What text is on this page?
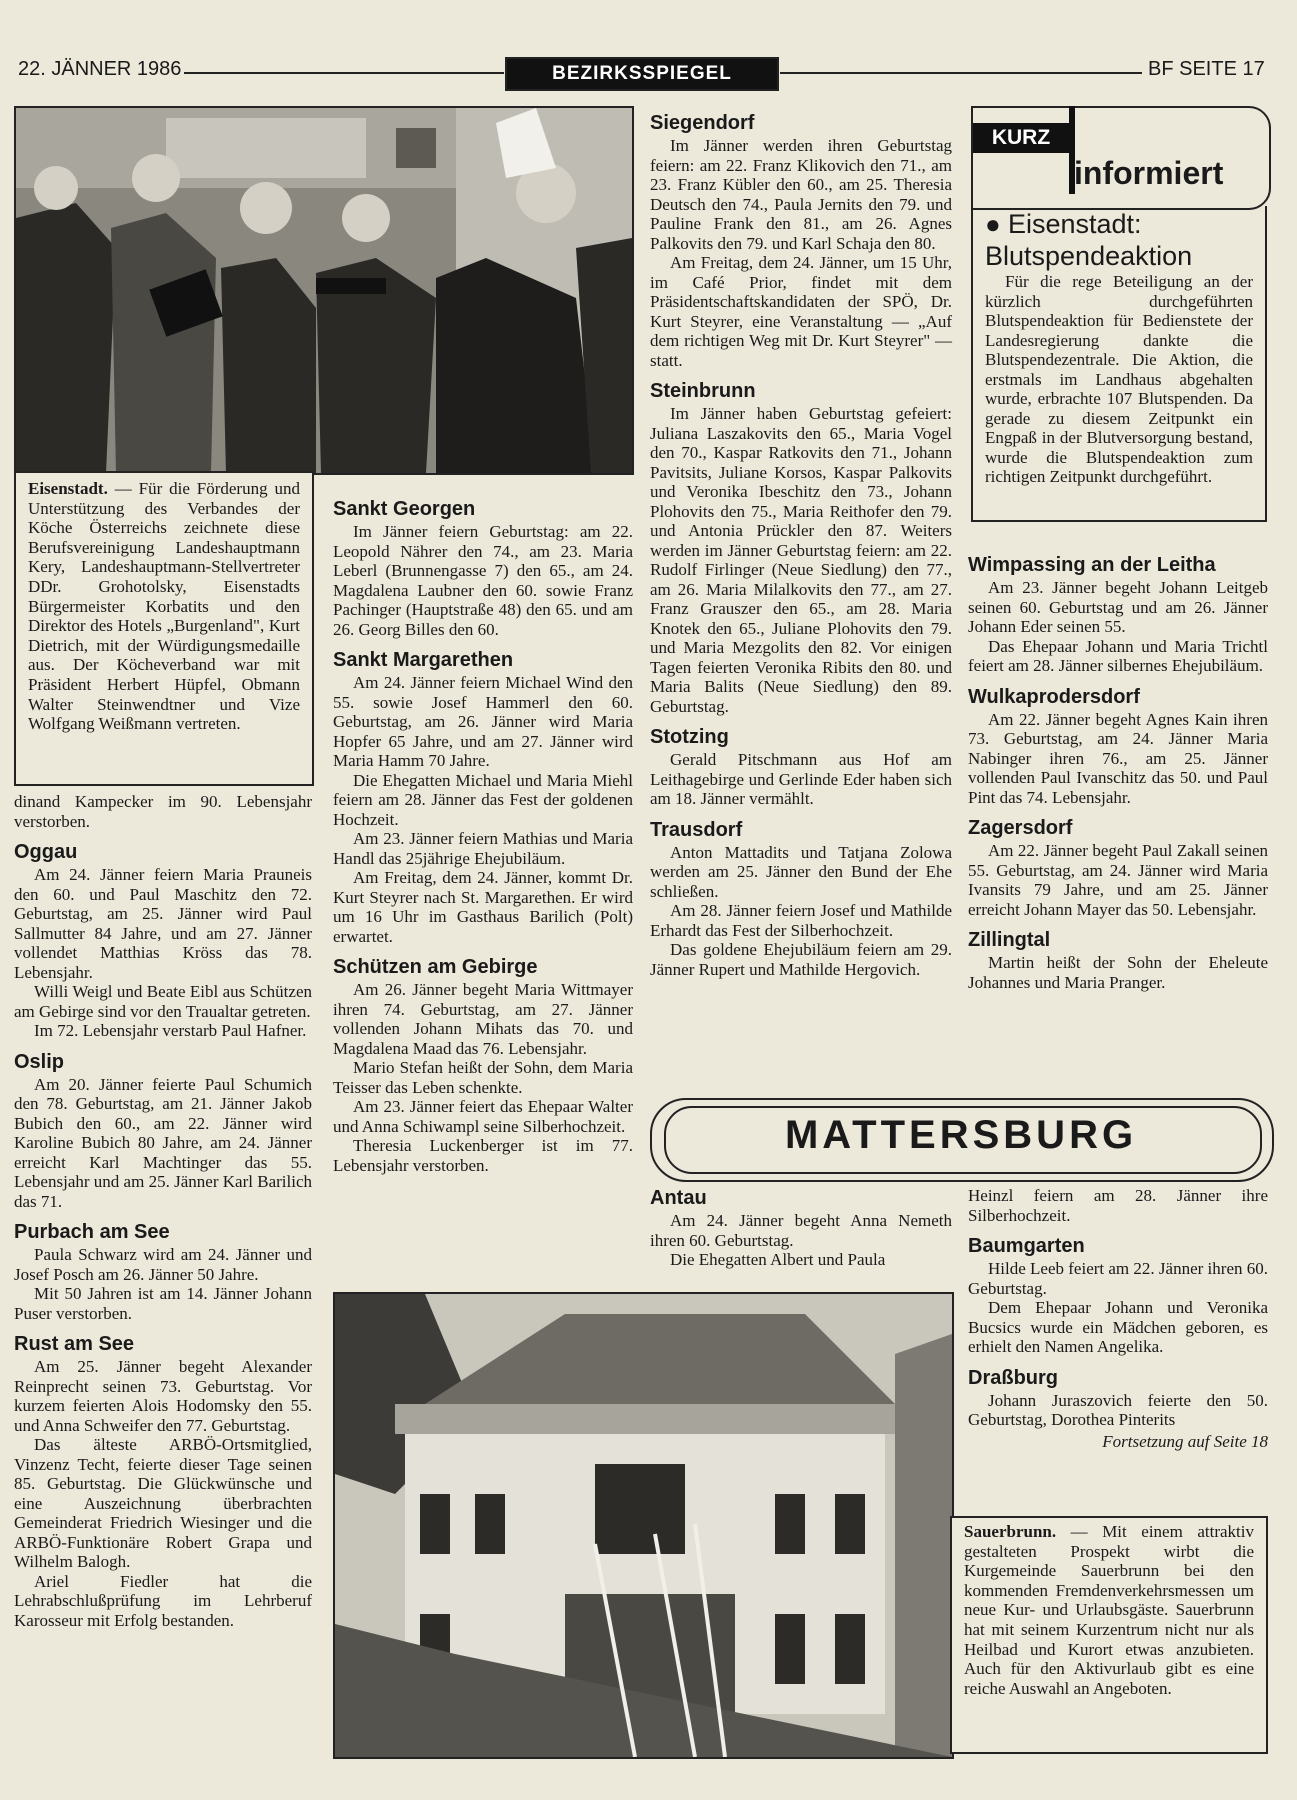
22. JÄNNER 1986	BEZIRKSSPIEGEL	BF SEITE 17
Eisenstadt. — Für die Förderung und Unterstützung des Verbandes der Köche Österreichs zeichnete diese Berufsvereinigung Landeshauptmann Kery, Landeshauptmann-Stellvertreter DDr. Grohotolsky, Eisenstadts Bürgermeister Korbatits und den Direktor des Hotels „Burgenland", Kurt Dietrich, mit der Würdigungsmedaille aus. Der Köcheverband war mit Präsident Herbert Hüpfel, Obmann Walter Steinwendtner und Vize Wolfgang Weißmann vertreten.
dinand Kampecker im 90. Lebensjahr verstorben.
Oggau

Am 24. Jänner feiern Maria Prauneis den 60. und Paul Maschitz den 72. Geburtstag, am 25. Jänner wird Paul Sallmutter 84 Jahre, und am 27. Jänner vollendet Matthias Kröss das 78. Lebensjahr.

Willi Weigl und Beate Eibl aus Schützen am Gebirge sind vor den Traualtar getreten.

Im 72. Lebensjahr verstarb Paul Hafner.

Oslip

Am 20. Jänner feierte Paul Schumich den 78. Geburtstag, am 21. Jänner Jakob Bubich den 60., am 22. Jänner wird Karoline Bubich 80 Jahre, am 24. Jänner erreicht Karl Machtinger das 55. Lebensjahr und am 25. Jänner Karl Barilich das 71.

Purbach am See

Paula Schwarz wird am 24. Jänner und Josef Posch am 26. Jänner 50 Jahre.

Mit 50 Jahren ist am 14. Jänner Johann Puser verstorben.

Rust am See

Am 25. Jänner begeht Alexander Reinprecht seinen 73. Geburtstag. Vor kurzem feierten Alois Hodomsky den 55. und Anna Schweifer den 77. Geburtstag.

Das älteste ARBÖ-Ortsmitglied, Vinzenz Techt, feierte dieser Tage seinen 85. Geburtstag. Die Glückwünsche und eine Auszeichnung überbrachten Gemeinderat Friedrich Wiesinger und die ARBÖ-Funktionäre Robert Grapa und Wilhelm Balogh.

Ariel Fiedler hat die Lehrabschlußprüfung im Lehrberuf Karosseur mit Erfolg bestanden.

Sankt Georgen

Im Jänner feiern Geburtstag: am 22. Leopold Nährer den 74., am 23. Maria Leberl (Brunnengasse 7) den 65., am 24. Magdalena Laubner den 60. sowie Franz Pachinger (Hauptstraße 48) den 65. und am 26. Georg Billes den 60.

Sankt Margarethen

Am 24. Jänner feiern Michael Wind den 55. sowie Josef Hammerl den 60. Geburtstag, am 26. Jänner wird Maria Hopfer 65 Jahre, und am 27. Jänner wird Maria Hamm 70 Jahre.

Die Ehegatten Michael und Maria Miehl feiern am 28. Jänner das Fest der goldenen Hochzeit.

Am 23. Jänner feiern Mathias und Maria Handl das 25jährige Ehejubiläum.

Am Freitag, dem 24. Jänner, kommt Dr. Kurt Steyrer nach St. Margarethen. Er wird um 16 Uhr im Gasthaus Barilich (Polt) erwartet.

Schützen am Gebirge

Am 26. Jänner begeht Maria Wittmayer ihren 74. Geburtstag, am 27. Jänner vollenden Johann Mihats das 70. und Magdalena Maad das 76. Lebensjahr.

Mario Stefan heißt der Sohn, dem Maria Teisser das Leben schenkte.

Am 23. Jänner feiert das Ehepaar Walter und Anna Schiwampl seine Silberhochzeit.

Theresia Luckenberger ist im 77. Lebensjahr verstorben.

Siegendorf

Im Jänner werden ihren Geburtstag feiern: am 22. Franz Klikovich den 71., am 23. Franz Kübler den 60., am 25. Theresia Deutsch den 74., Paula Jernits den 79. und Pauline Frank den 81., am 26. Agnes Palkovits den 79. und Karl Schaja den 80.

Am Freitag, dem 24. Jänner, um 15 Uhr, im Café Prior, findet mit dem Präsidentschaftskandidaten der SPÖ, Dr. Kurt Steyrer, eine Veranstaltung — „Auf dem richtigen Weg mit Dr. Kurt Steyrer" — statt.

Steinbrunn

Im Jänner haben Geburtstag gefeiert: Juliana Laszakovits den 65., Maria Vogel den 70., Kaspar Ratkovits den 71., Johann Pavitsits, Juliane Korsos, Kaspar Palkovits und Veronika Ibeschitz den 73., Johann Plohovits den 75., Maria Reithofer den 79. und Antonia Prückler den 87. Weiters werden im Jänner Geburtstag feiern: am 22. Rudolf Firlinger (Neue Siedlung) den 77., am 26. Maria Milalkovits den 77., am 27. Franz Grauszer den 65., am 28. Maria Knotek den 65., Juliane Plohovits den 79. und Maria Mezgolits den 82. Vor einigen Tagen feierten Veronika Ribits den 80. und Maria Balits (Neue Siedlung) den 89. Geburtstag.

Stotzing

Gerald Pitschmann aus Hof am Leithagebirge und Gerlinde Eder haben sich am 18. Jänner vermählt.

Trausdorf

Anton Mattadits und Tatjana Zolowa werden am 25. Jänner den Bund der Ehe schließen.

Am 28. Jänner feiern Josef und Mathilde Erhardt das Fest der Silberhochzeit.

Das goldene Ehejubiläum feiern am 29. Jänner Rupert und Mathilde Hergovich.

KURZ
informiert
● Eisenstadt: Blutspendeaktion

Für die rege Beteiligung an der kürzlich durchgeführten Blutspendeaktion für Bedienstete der Landesregierung dankte die Blutspendezentrale. Die Aktion, die erstmals im Landhaus abgehalten wurde, erbrachte 107 Blutspenden. Da gerade zu diesem Zeitpunkt ein Engpaß in der Blutversorgung bestand, wurde die Blutspendeaktion zum richtigen Zeitpunkt durchgeführt.

Wimpassing an der Leitha

Am 23. Jänner begeht Johann Leitgeb seinen 60. Geburtstag und am 26. Jänner Johann Eder seinen 55.

Das Ehepaar Johann und Maria Trichtl feiert am 28. Jänner silbernes Ehejubiläum.

Wulkaprodersdorf

Am 22. Jänner begeht Agnes Kain ihren 73. Geburtstag, am 24. Jänner Maria Nabinger ihren 76., am 25. Jänner vollenden Paul Ivanschitz das 50. und Paul Pint das 74. Lebensjahr.

Zagersdorf

Am 22. Jänner begeht Paul Zakall seinen 55. Geburtstag, am 24. Jänner wird Maria Ivansits 79 Jahre, und am 25. Jänner erreicht Johann Mayer das 50. Lebensjahr.

Zillingtal

Martin heißt der Sohn der Eheleute Johannes und Maria Pranger.

MATTERSBURG
Antau

Am 24. Jänner begeht Anna Nemeth ihren 60. Geburtstag.

Die Ehegatten Albert und Paula

Heinzl feiern am 28. Jänner ihre Silberhochzeit.
Baumgarten

Hilde Leeb feiert am 22. Jänner ihren 60. Geburtstag.

Dem Ehepaar Johann und Veronika Bucsics wurde ein Mädchen geboren, es erhielt den Namen Angelika.

Draßburg

Johann Juraszovich feierte den 50. Geburtstag, Dorothea Pinterits

Fortsetzung auf Seite 18
Sauerbrunn. — Mit einem attraktiv gestalteten Prospekt wirbt die Kurgemeinde Sauerbrunn bei den kommenden Fremdenverkehrsmessen um neue Kur- und Urlaubsgäste. Sauerbrunn hat mit seinem Kurzentrum nicht nur als Heilbad und Kurort etwas anzubieten. Auch für den Aktivurlaub gibt es eine reiche Auswahl an Angeboten.
